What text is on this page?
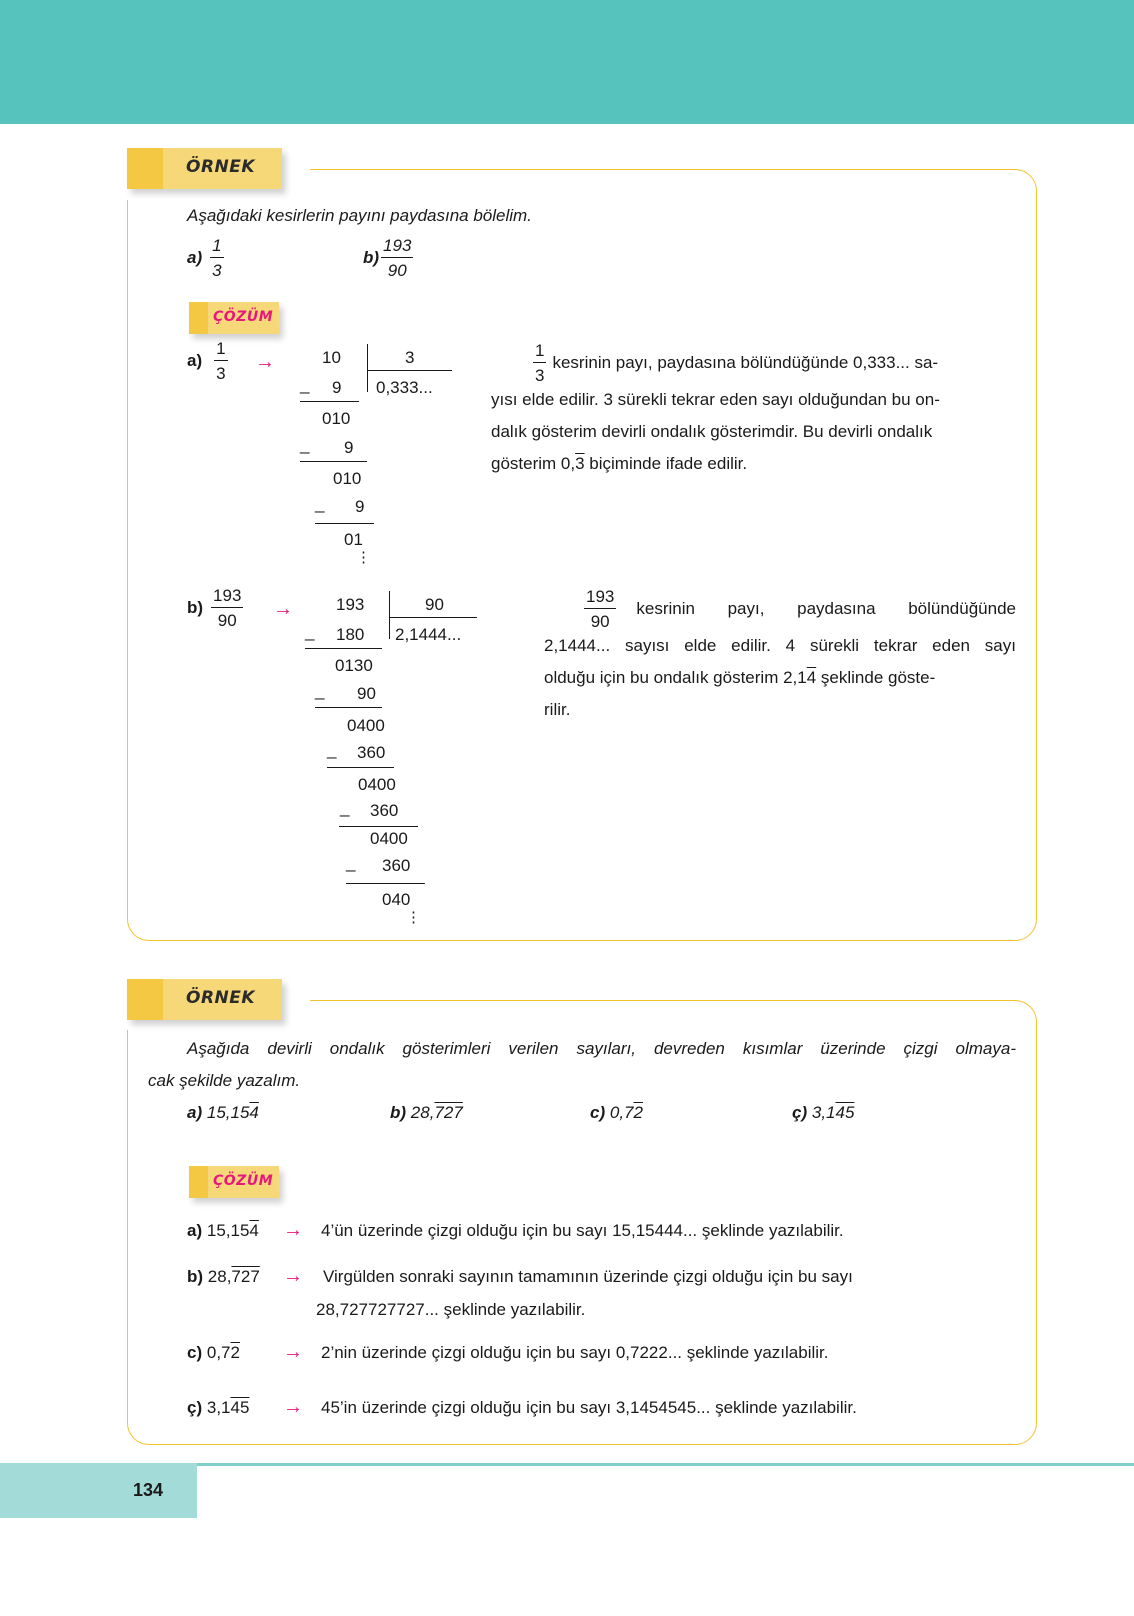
ÖRNEK
Aşağıdaki kesirlerin payını paydasına bölelim.
$a) \frac{1}{3}$	$b) \frac{193}{90}$
ÇÖZÜM
$a) \frac{1}{3}$ →	10	3
0,333...
_ 9
010
_ 9
010
_ 9
01
⋮
$\frac{1}{3}$ kesrinin payı, paydasına bölündüğünde 0,333... sa-
yısı elde edilir. 3 sürekli tekrar eden sayı olduğundan bu on-
dalık gösterim devirli ondalık gösterimdir. Bu devirli ondalık
gösterim 0,3 biçiminde ifade edilir.
$b) \frac{193}{90}$ →	193	90
2,1444...
_ 180
0130
_ 90
0400
_ 360
0400
_ 360
0400
_ 360
040
⋮
$\frac{193}{90}$ kesrinin payı, paydasına bölündüğünde
2,1444... sayısı elde edilir. 4 sürekli tekrar eden sayı
olduğu için bu ondalık gösterim 2,14 şeklinde göste-
rilir.
ÖRNEK
Aşağıda devirli ondalık gösterimleri verilen sayıları, devreden kısımlar üzerinde çizgi olmaya-
cak şekilde yazalım.
a) 15,154	b) 28,727	c) 0,72	ç) 3,145
ÇÖZÜM
a) 15,154 → 4’ün üzerinde çizgi olduğu için bu sayı 15,15444... şeklinde yazılabilir.
b) 28,727 → Virgülden sonraki sayının tamamının üzerinde çizgi olduğu için bu sayı
28,727727727... şeklinde yazılabilir.
c) 0,72 → 2’nin üzerinde çizgi olduğu için bu sayı 0,7222... şeklinde yazılabilir.
ç) 3,145 → 45’in üzerinde çizgi olduğu için bu sayı 3,1454545... şeklinde yazılabilir.
134
